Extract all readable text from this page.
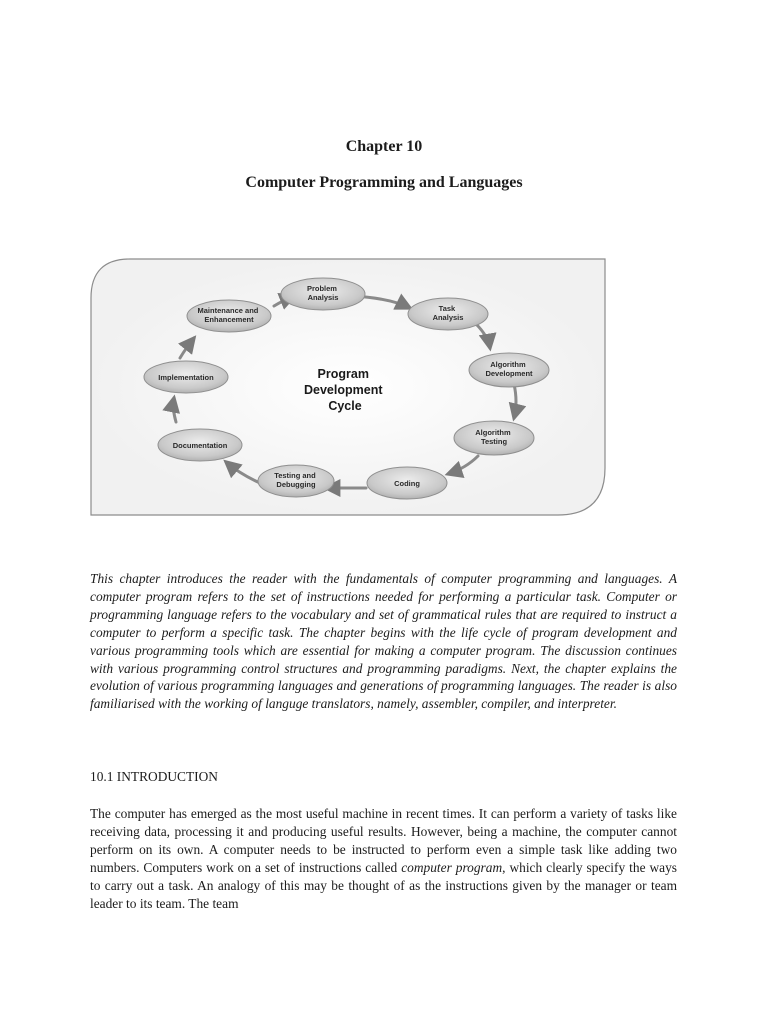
Chapter 10
Computer Programming and Languages
Program Development Cycle
Problem Analysis
Task Analysis
Algorithm Development
Algorithm Testing
Coding
Testing and Debugging
Documentation
Implementation
Maintenance and Enhancement

This chapter introduces the reader with the fundamentals of computer programming and languages. A computer program refers to the set of instructions needed for performing a particular task. Computer or programming language refers to the vocabulary and set of grammatical rules that are required to instruct a computer to perform a specific task. The chapter begins with the life cycle of program development and various programming tools which are essential for making a computer program. The discussion continues with various programming control structures and programming paradigms. Next, the chapter explains the evolution of various programming languages and generations of programming languages. The reader is also familiarised with the working of languge translators, namely, assembler, compiler, and interpreter.

10.1 INTRODUCTION

The computer has emerged as the most useful machine in recent times. It can perform a variety of tasks like receiving data, processing it and producing useful results. However, being a machine, the computer cannot perform on its own. A computer needs to be instructed to perform even a simple task like adding two numbers. Computers work on a set of instructions called computer program, which clearly specify the ways to carry out a task. An analogy of this may be thought of as the instructions given by the manager or team leader to its team. The team
